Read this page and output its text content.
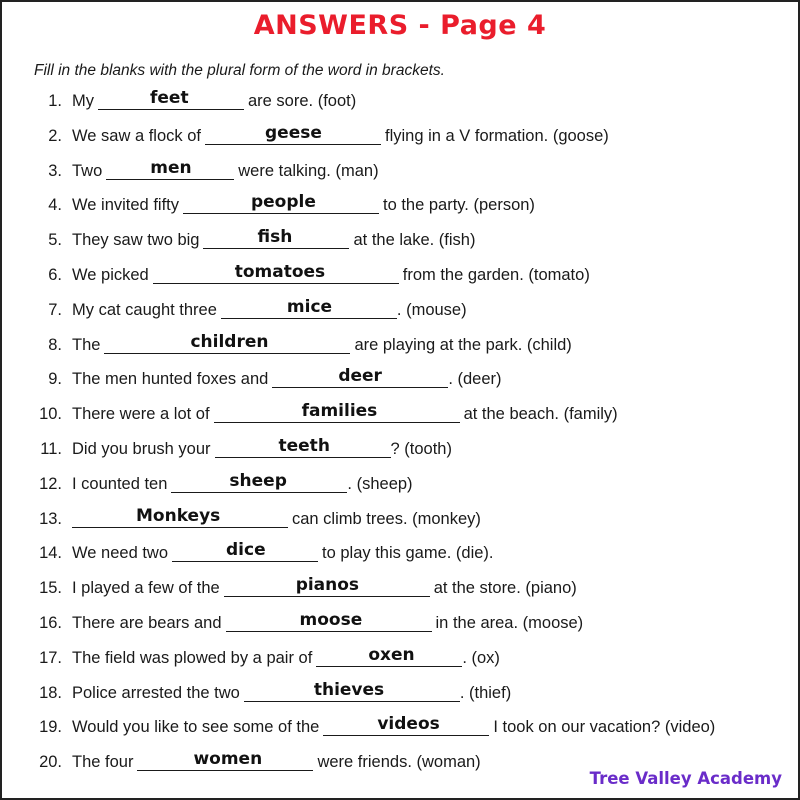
ANSWERS - Page 4
Fill in the blanks with the plural form of the word in brackets.
1. My	feet	are sore. (foot)
2. We saw a flock of	geese	flying in a V formation. (goose)
3. Two	men	were talking. (man)
4. We invited fifty	people	to the party. (person)
5. They saw two big	fish	at the lake. (fish)
6. We picked	tomatoes	from the garden. (tomato)
7. My cat caught three	mice	. (mouse)
8. The	children	are playing at the park. (child)
9. The men hunted foxes and	deer	. (deer)
10. There were a lot of	families	at the beach. (family)
11. Did you brush your	teeth	? (tooth)
12. I counted ten	sheep	. (sheep)
13.	Monkeys	can climb trees. (monkey)
14. We need two	dice	to play this game. (die).
15. I played a few of the	pianos	at the store. (piano)
16. There are bears and	moose	in the area. (moose)
17. The field was plowed by a pair of	oxen	. (ox)
18. Police arrested the two	thieves	. (thief)
19. Would you like to see some of the	videos	I took on our vacation? (video)
20. The four	women	were friends. (woman)
Tree Valley Academy
